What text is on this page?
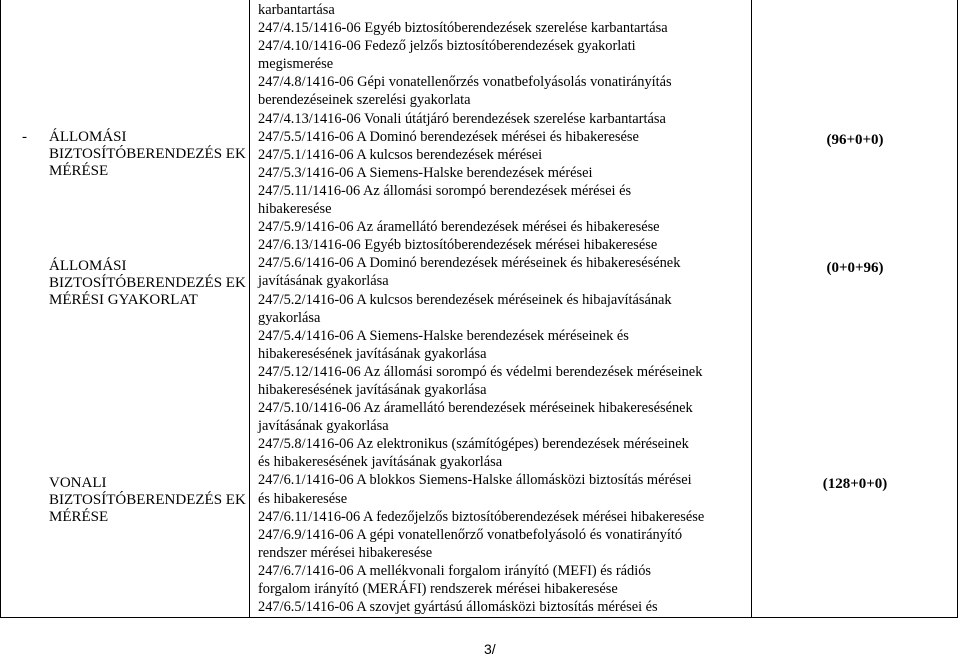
- ÁLLOMÁSI BIZTOSÍTÓBERENDEZÉS EK MÉRÉSE
ÁLLOMÁSI BIZTOSÍTÓBERENDEZÉS EK MÉRÉSI GYAKORLAT
VONALI BIZTOSÍTÓBERENDEZÉS EK MÉRÉSE
karbantartása
247/4.15/1416-06 Egyéb biztosítóberendezések szerelése karbantartása
247/4.10/1416-06 Fedező jelzős biztosítóberendezések gyakorlati
megismerése
247/4.8/1416-06 Gépi vonatellenőrzés vonatbefolyásolás vonatirányítás
berendezéseinek szerelési gyakorlata
247/4.13/1416-06 Vonali útátjáró berendezések szerelése karbantartása
247/5.5/1416-06 A Dominó berendezések mérései és hibakeresése
247/5.1/1416-06 A kulcsos berendezések mérései
247/5.3/1416-06 A Siemens-Halske berendezések mérései
247/5.11/1416-06 Az állomási sorompó berendezések mérései és
hibakeresése
247/5.9/1416-06 Az áramellátó berendezések mérései és hibakeresése
247/6.13/1416-06 Egyéb biztosítóberendezések mérései hibakeresése
247/5.6/1416-06 A Dominó berendezések méréseinek és hibakeresésének
javításának gyakorlása
247/5.2/1416-06 A kulcsos berendezések méréseinek és hibajavításának
gyakorlása
247/5.4/1416-06 A Siemens-Halske berendezések méréseinek és
hibakeresésének javításának gyakorlása
247/5.12/1416-06 Az állomási sorompó és védelmi berendezések méréseinek
hibakeresésének javításának gyakorlása
247/5.10/1416-06 Az áramellátó berendezések méréseinek hibakeresésének
javításának gyakorlása
247/5.8/1416-06 Az elektronikus (számítógépes) berendezések méréseinek
és hibakeresésének javításának gyakorlása
247/6.1/1416-06 A blokkos Siemens-Halske állomásközi biztosítás mérései
és hibakeresése
247/6.11/1416-06 A fedezőjelzős biztosítóberendezések mérései hibakeresése
247/6.9/1416-06 A gépi vonatellenőrző vonatbefolyásoló és vonatirányító
rendszer mérései hibakeresése
247/6.7/1416-06 A mellékvonali forgalom irányító (MEFI) és rádiós
forgalom irányító (MERÁFI) rendszerek mérései hibakeresése
247/6.5/1416-06 A szovjet gyártású állomásközi biztosítás mérései és
(96+0+0)
(0+0+96)
(128+0+0)
3/
